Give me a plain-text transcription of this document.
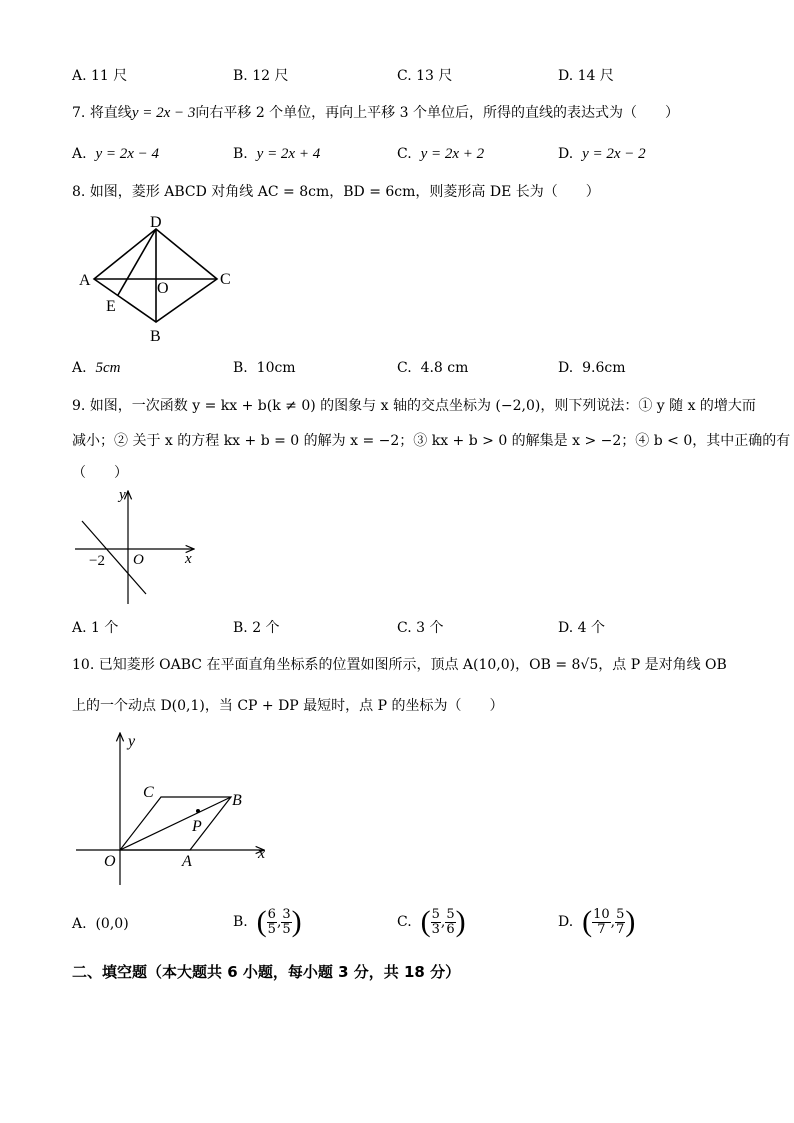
A. 11 尺	B. 12 尺	C. 13 尺	D. 14 尺
7. 将直线y = 2x − 3向右平移 2 个单位，再向上平移 3 个单位后，所得的直线的表达式为（　　）
A. y = 2x − 4	B. y = 2x + 4	C. y = 2x + 2	D. y = 2x − 2
8. 如图，菱形 ABCD 对角线 AC = 8cm，BD = 6cm，则菱形高 DE 长为（　　）
D
A	C
O
E
B
A. 5cm	B. 10cm	C. 4.8 cm	D. 9.6cm
9. 如图，一次函数 y = kx + b(k ≠ 0) 的图象与 x 轴的交点坐标为 (−2,0)，则下列说法：① y 随 x 的增大而
减小；② 关于 x 的方程 kx + b = 0 的解为 x = −2；③ kx + b > 0 的解集是 x > −2；④ b < 0，其中正确的有
（　　）
y
x
O
−2
A. 1 个	B. 2 个	C. 3 个	D. 4 个
10. 已知菱形 OABC 在平面直角坐标系的位置如图所示，顶点 A(10,0)，OB = 8√5，点 P 是对角线 OB
上的一个动点 D(0,1)，当 CP + DP 最短时，点 P 的坐标为（　　）
y
x
O	A
B
C
P
A. (0,0)	B. ( $\frac{6}{5}$ , $\frac{3}{5}$ )	C. ( $\frac{5}{3}$ , $\frac{5}{6}$ )	D. ( $\frac{10}{7}$ , $\frac{5}{7}$ )
二、填空题（本大题共 6 小题，每小题 3 分，共 18 分）
